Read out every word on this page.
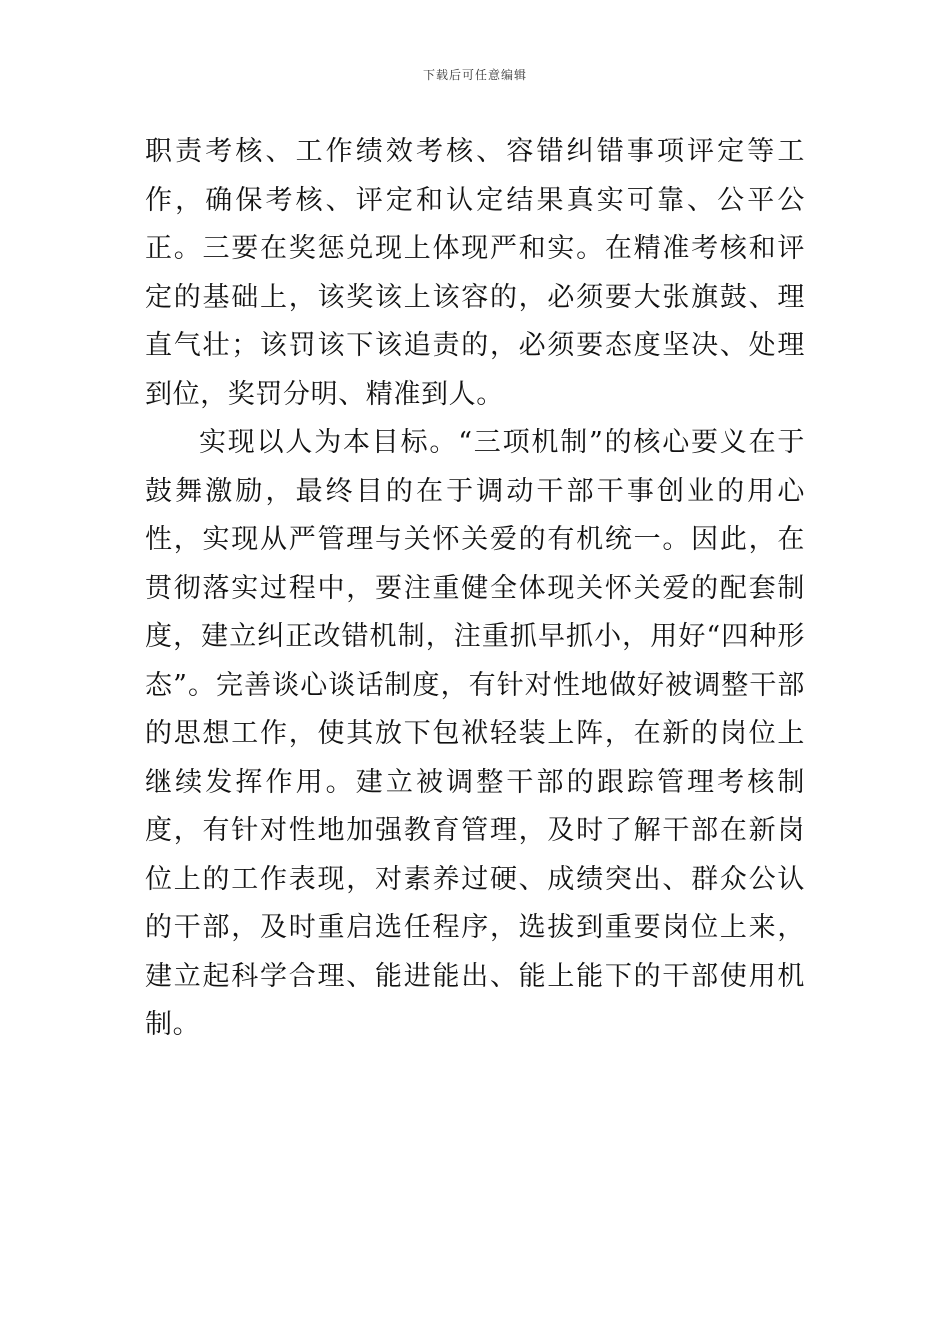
下载后可任意编辑

职责考核、工作绩效考核、容错纠错事项评定等工作，确保考核、评定和认定结果真实可靠、公平公正。三要在奖惩兑现上体现严和实。在精准考核和评定的基础上，该奖该上该容的，必须要大张旗鼓、理直气壮；该罚该下该追责的，必须要态度坚决、处理到位，奖罚分明、精准到人。

实现以人为本目标。“三项机制”的核心要义在于鼓舞激励，最终目的在于调动干部干事创业的用心性，实现从严管理与关怀关爱的有机统一。因此，在贯彻落实过程中，要注重健全体现关怀关爱的配套制度，建立纠正改错机制，注重抓早抓小，用好“四种形态”。完善谈心谈话制度，有针对性地做好被调整干部的思想工作，使其放下包袱轻装上阵，在新的岗位上继续发挥作用。建立被调整干部的跟踪管理考核制度，有针对性地加强教育管理，及时了解干部在新岗位上的工作表现，对素养过硬、成绩突出、群众公认的干部，及时重启选任程序，选拔到重要岗位上来，建立起科学合理、能进能出、能上能下的干部使用机制。
